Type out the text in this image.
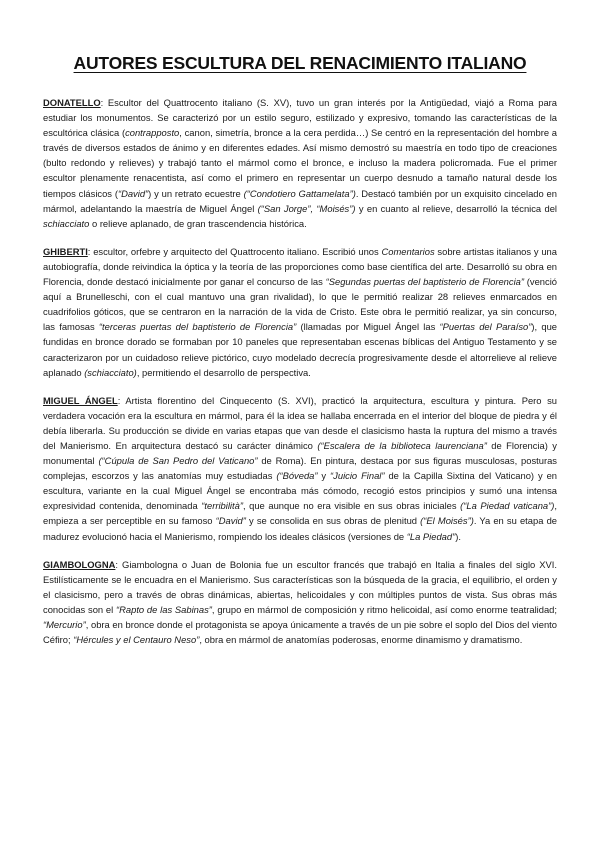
AUTORES ESCULTURA DEL RENACIMIENTO ITALIANO

DONATELLO: Escultor del Quattrocento italiano (S. XV), tuvo un gran interés por la Antigüedad, viajó a Roma para estudiar los monumentos. Se caracterizó por un estilo seguro, estilizado y expresivo, tomando las características de la escultórica clásica (contrapposto, canon, simetría, bronce a la cera perdida…) Se centró en la representación del hombre a través de diversos estados de ánimo y en diferentes edades. Así mismo demostró su maestría en todo tipo de creaciones (bulto redondo y relieves) y trabajó tanto el mármol como el bronce, e incluso la madera policromada. Fue el primer escultor plenamente renacentista, así como el primero en representar un cuerpo desnudo a tamaño natural desde los tiempos clásicos (“David”) y un retrato ecuestre (“Condotiero Gattamelata”). Destacó también por un exquisito cincelado en mármol, adelantando la maestría de Miguel Ángel (“San Jorge”, “Moisés”) y en cuanto al relieve, desarrolló la técnica del schiacciato o relieve aplanado, de gran trascendencia histórica.

GHIBERTI: escultor, orfebre y arquitecto del Quattrocento italiano. Escribió unos Comentarios sobre artistas italianos y una autobiografía, donde reivindica la óptica y la teoría de las proporciones como base científica del arte. Desarrolló su obra en Florencia, donde destacó inicialmente por ganar el concurso de las “Segundas puertas del baptisterio de Florencia” (venció aquí a Brunelleschi, con el cual mantuvo una gran rivalidad), lo que le permitió realizar 28 relieves enmarcados en cuadrifolios góticos, que se centraron en la narración de la vida de Cristo. Este obra le permitió realizar, ya sin concurso, las famosas “terceras puertas del baptisterio de Florencia” (llamadas por Miguel Ángel las “Puertas del Paraíso”), que fundidas en bronce dorado se formaban por 10 paneles que representaban escenas bíblicas del Antiguo Testamento y se caracterizaron por un cuidadoso relieve pictórico, cuyo modelado decrecía progresivamente desde el altorrelieve al relieve aplanado (schiacciato), permitiendo el desarrollo de perspectiva.

MIGUEL ÁNGEL: Artista florentino del Cinquecento (S. XVI), practicó la arquitectura, escultura y pintura. Pero su verdadera vocación era la escultura en mármol, para él la idea se hallaba encerrada en el interior del bloque de piedra y él debía liberarla. Su producción se divide en varias etapas que van desde el clasicismo hasta la ruptura del mismo a través del Manierismo. En arquitectura destacó su carácter dinámico (“Escalera de la biblioteca laurenciana” de Florencia) y monumental (“Cúpula de San Pedro del Vaticano” de Roma). En pintura, destaca por sus figuras musculosas, posturas complejas, escorzos y las anatomías muy estudiadas (“Bóveda” y “Juicio Final” de la Capilla Sixtina del Vaticano) y en escultura, variante en la cual Miguel Ángel se encontraba más cómodo, recogió estos principios y sumó una intensa expresividad contenida, denominada “terribilità”, que aunque no era visible en sus obras iniciales (“La Piedad vaticana”), empieza a ser perceptible en su famoso “David” y se consolida en sus obras de plenitud (“El Moisés”). Ya en su etapa de madurez evolucionó hacia el Manierismo, rompiendo los ideales clásicos (versiones de “La Piedad”).

GIAMBOLOGNA: Giambologna o Juan de Bolonia fue un escultor francés que trabajó en Italia a finales del siglo XVI. Estilísticamente se le encuadra en el Manierismo. Sus características son la búsqueda de la gracia, el equilibrio, el orden y el clasicismo, pero a través de obras dinámicas, abiertas, helicoidales y con múltiples puntos de vista. Sus obras más conocidas son el “Rapto de las Sabinas”, grupo en mármol de composición y ritmo helicoidal, así como enorme teatralidad; “Mercurio”, obra en bronce donde el protagonista se apoya únicamente a través de un pie sobre el soplo del Dios del viento Céfiro; “Hércules y el Centauro Neso”, obra en mármol de anatomías poderosas, enorme dinamismo y dramatismo.
